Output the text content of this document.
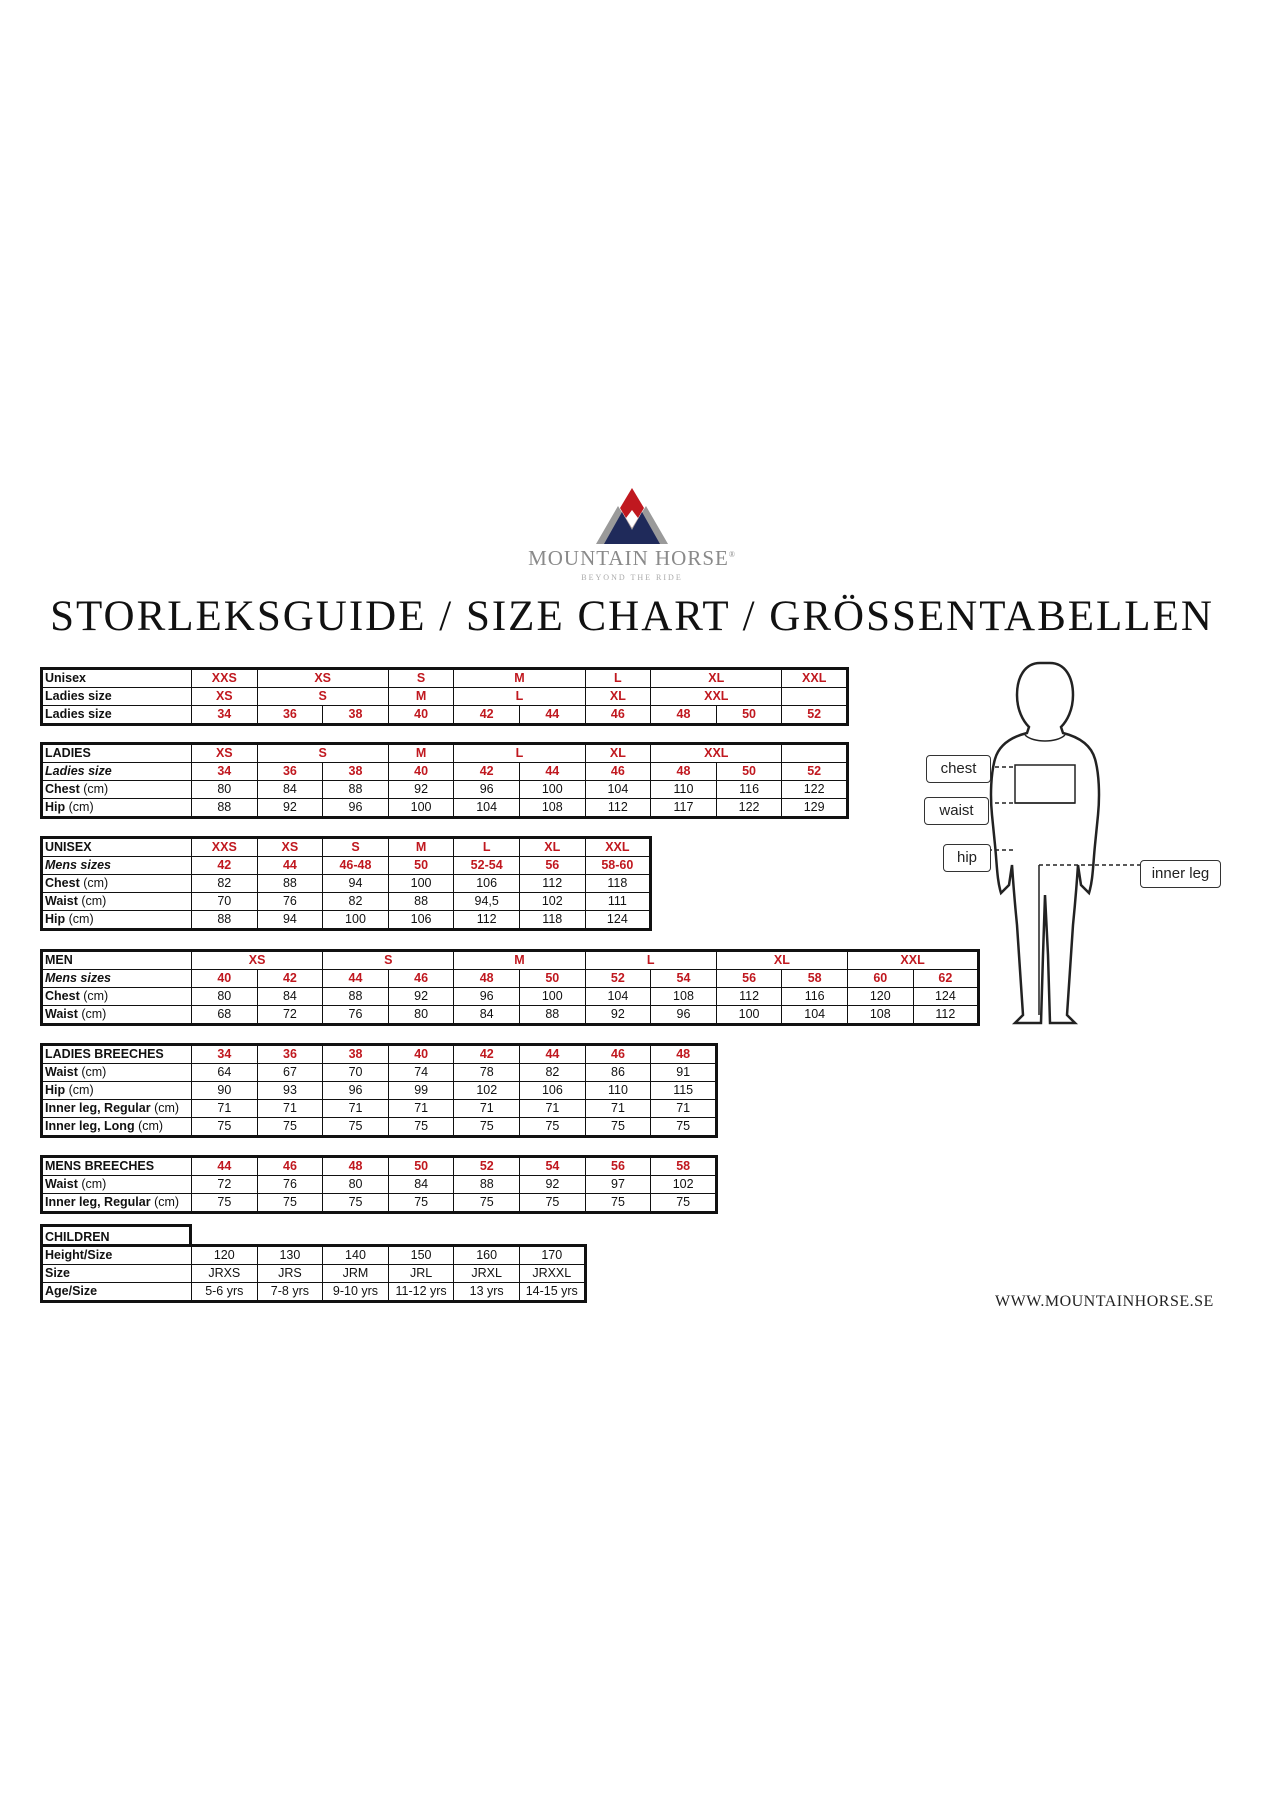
MOUNTAIN HORSE®
BEYOND THE RIDE
STORLEKSGUIDE / SIZE CHART / GRÖSSENTABELLEN
Unisex	XXS	XS		S	M		L	XL		XXL
Ladies size	XS	S		M	L		XL	XXL		
Ladies size	34	36	38	40	42	44	46	48	50	52
LADIES	XS	S		M	L		XL	XXL		
Ladies size	34	36	38	40	42	44	46	48	50	52
Chest (cm)	80	84	88	92	96	100	104	110	116	122
Hip (cm)	88	92	96	100	104	108	112	117	122	129
UNISEX	XXS	XS	S	M	L	XL	XXL
Mens sizes	42	44	46-48	50	52-54	56	58-60
Chest (cm)	82	88	94	100	106	112	118
Waist (cm)	70	76	82	88	94,5	102	111
Hip (cm)	88	94	100	106	112	118	124
MEN	XS		S		M		L		XL		XXL	
Mens sizes	40	42	44	46	48	50	52	54	56	58	60	62
Chest (cm)	80	84	88	92	96	100	104	108	112	116	120	124
Waist (cm)	68	72	76	80	84	88	92	96	100	104	108	112
LADIES BREECHES	34	36	38	40	42	44	46	48
Waist (cm)	64	67	70	74	78	82	86	91
Hip (cm)	90	93	96	99	102	106	110	115
Inner leg, Regular (cm)	71	71	71	71	71	71	71	71
Inner leg, Long (cm)	75	75	75	75	75	75	75	75
MENS BREECHES	44	46	48	50	52	54	56	58
Waist (cm)	72	76	80	84	88	92	97	102
Inner leg, Regular (cm)	75	75	75	75	75	75	75	75
CHILDREN
Height/Size	120	130	140	150	160	170
Size	JRXS	JRS	JRM	JRL	JRXL	JRXXL
Age/Size	5-6 yrs	7-8 yrs	9-10 yrs	11-12 yrs	13 yrs	14-15 yrs
chest
waist
hip
inner leg
WWW.MOUNTAINHORSE.SE
